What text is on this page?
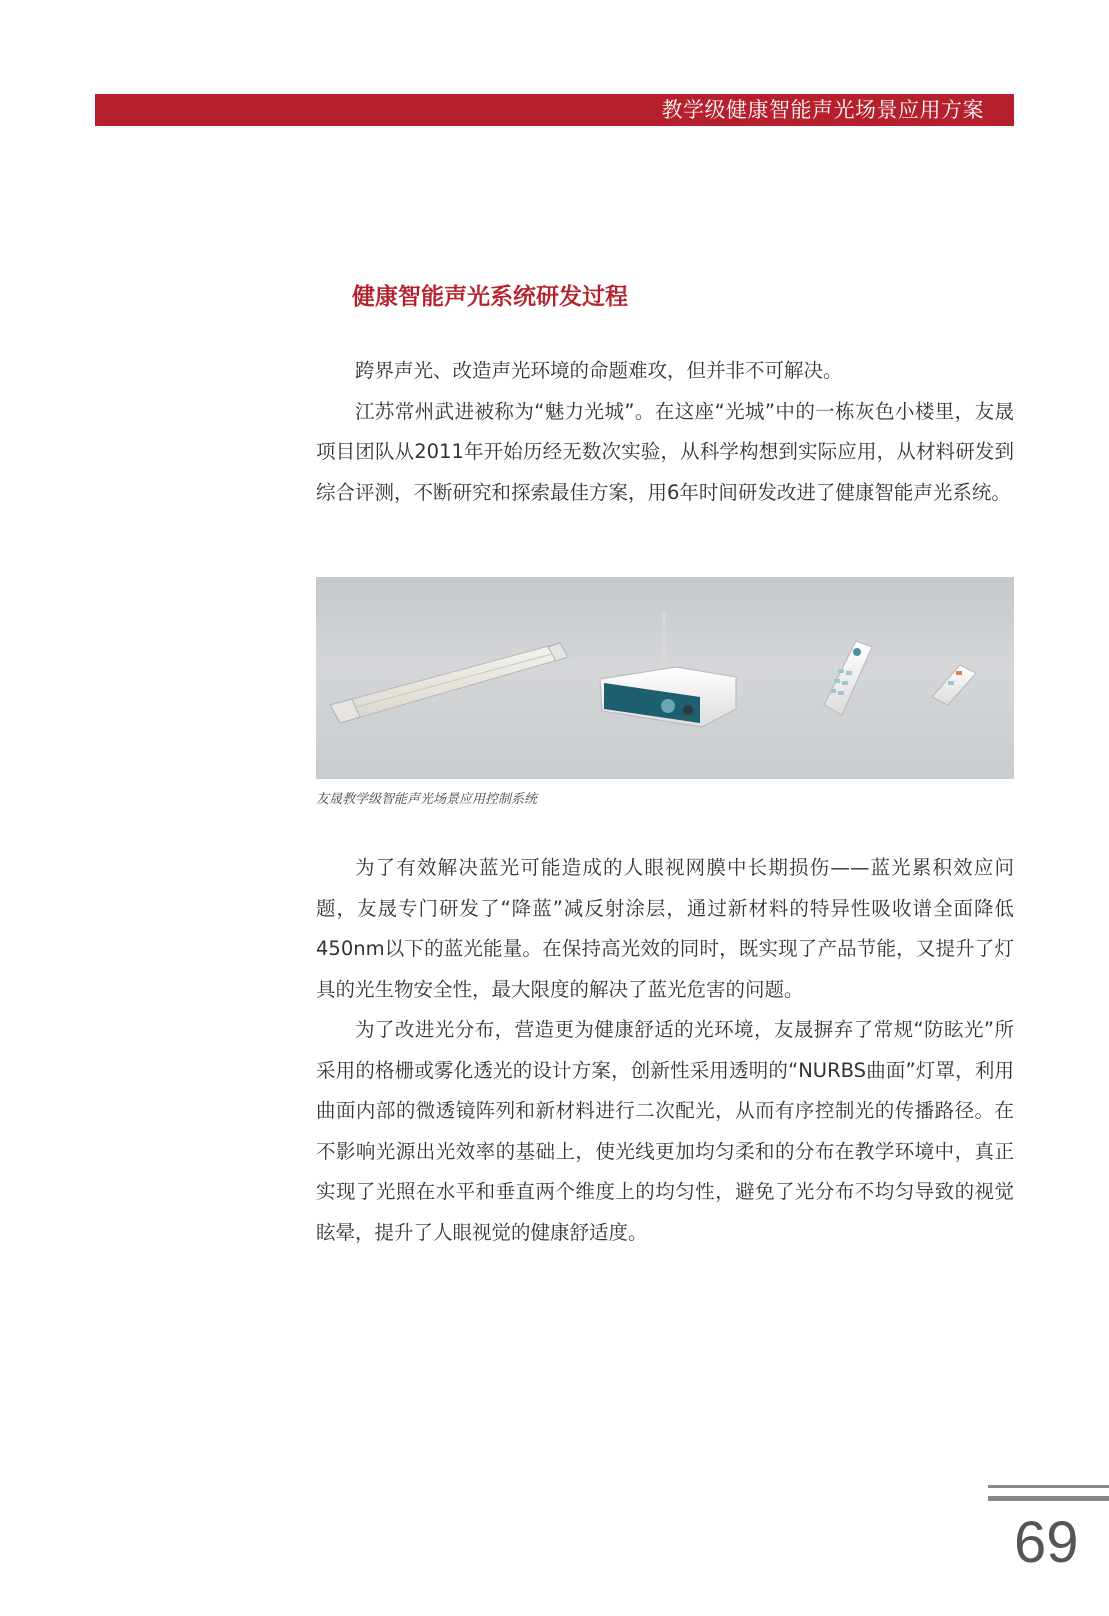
教学级健康智能声光场景应用方案
健康智能声光系统研发过程

跨界声光、改造声光环境的命题难攻，但并非不可解决。

江苏常州武进被称为“魅力光城”。在这座“光城”中的一栋灰色小楼里，友晟项目团队从2011年开始历经无数次实验，从科学构想到实际应用，从材料研发到综合评测，不断研究和探索最佳方案，用6年时间研发改进了健康智能声光系统。

友晟教学级智能声光场景应用控制系统

为了有效解决蓝光可能造成的人眼视网膜中长期损伤——蓝光累积效应问题，友晟专门研发了“降蓝”减反射涂层，通过新材料的特异性吸收谱全面降低450nm以下的蓝光能量。在保持高光效的同时，既实现了产品节能，又提升了灯具的光生物安全性，最大限度的解决了蓝光危害的问题。

为了改进光分布，营造更为健康舒适的光环境，友晟摒弃了常规“防眩光”所采用的格栅或雾化透光的设计方案，创新性采用透明的“NURBS曲面”灯罩，利用曲面内部的微透镜阵列和新材料进行二次配光，从而有序控制光的传播路径。在不影响光源出光效率的基础上，使光线更加均匀柔和的分布在教学环境中，真正实现了光照在水平和垂直两个维度上的均匀性，避免了光分布不均匀导致的视觉眩晕，提升了人眼视觉的健康舒适度。

69
